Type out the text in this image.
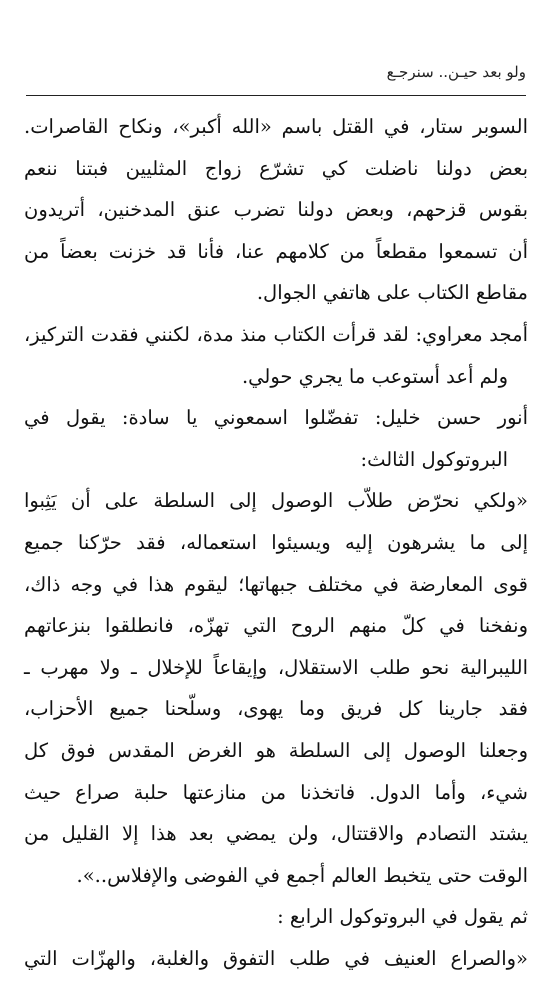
ولو بعد حيـن.. سنرجـع
السوبر ستار، في القتل باسم «الله أكبر»، ونكاح القاصرات.
بعض دولنا ناضلت كي تشرّع زواج المثليين فبتنا ننعم
بقوس قزحهم، وبعض دولنا تضرب عنق المدخنين، أتريدون
أن تسمعوا مقطعاً من كلامهم عنا، فأنا قد خزنت بعضاً من
مقاطع الكتاب على هاتفي الجوال.
أمجد معراوي: لقد قرأت الكتاب منذ مدة، لكنني فقدت التركيز،
ولم أعد أستوعب ما يجري حولي.
أنور حسن خليل: تفضّلوا اسمعوني يا سادة: يقول في
البروتوكول الثالث:
«ولكي نحرّض طلاّب الوصول إلى السلطة على أن يَثِبوا
إلى ما يشرهون إليه ويسيئوا استعماله، فقد حرّكنا جميع
قوى المعارضة في مختلف جبهاتها؛ ليقوم هذا في وجه ذاك،
ونفخنا في كلّ منهم الروح التي تهزّه، فانطلقوا بنزعاتهم
الليبرالية نحو طلب الاستقلال، وإيقاعاً للإخلال ـ ولا مهرب ـ
فقد جارينا كل فريق وما يهوى، وسلّحنا جميع الأحزاب،
وجعلنا الوصول إلى السلطة هو الغرض المقدس فوق كل
شيء، وأما الدول. فاتخذنا من منازعتها حلبة صراع حيث
يشتد التصادم والاقتتال، ولن يمضي بعد هذا إلا القليل من
الوقت حتى يتخبط العالم أجمع في الفوضى والإفلاس..».
ثم يقول في البروتوكول الرابع :
«والصراع العنيف في طلب التفوق والغلبة، والهزّات التي
